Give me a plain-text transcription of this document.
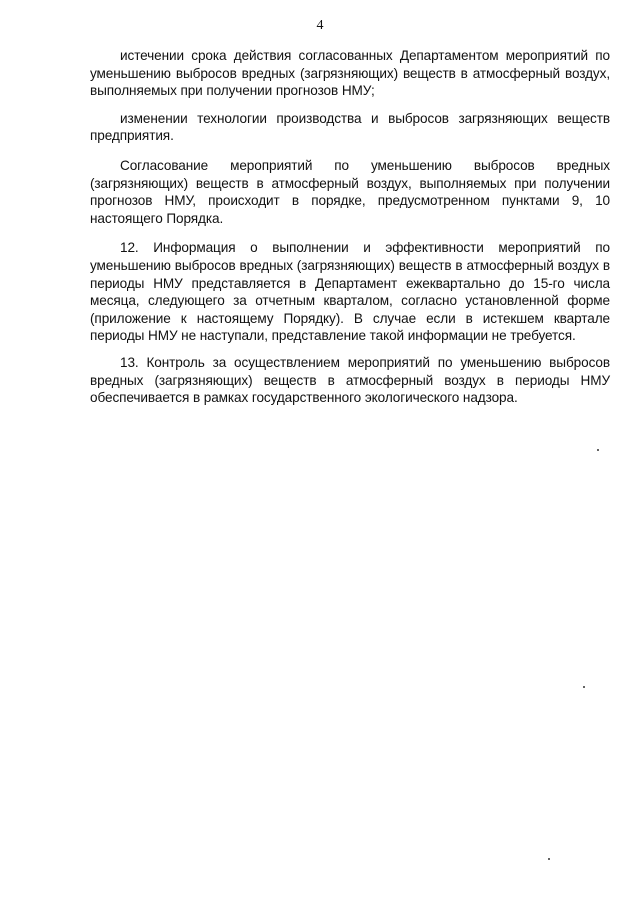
4

истечении срока действия согласованных Департаментом мероприятий по уменьшению выбросов вредных (загрязняющих) веществ в атмосферный воздух, выполняемых при получении прогнозов НМУ;

изменении технологии производства и выбросов загрязняющих веществ предприятия.

Согласование мероприятий по уменьшению выбросов вредных (загрязняющих) веществ в атмосферный воздух, выполняемых при получении прогнозов НМУ, происходит в порядке, предусмотренном пунктами 9, 10 настоящего Порядка.

12. Информация о выполнении и эффективности мероприятий по уменьшению выбросов вредных (загрязняющих) веществ в атмосферный воздух в периоды НМУ представляется в Департамент ежеквартально до 15-го числа месяца, следующего за отчетным кварталом, согласно установленной форме (приложение к настоящему Порядку). В случае если в истекшем квартале периоды НМУ не наступали, представление такой информации не требуется.

13. Контроль за осуществлением мероприятий по уменьшению выбросов вредных (загрязняющих) веществ в атмосферный воздух в периоды НМУ обеспечивается в рамках государственного экологического надзора.
